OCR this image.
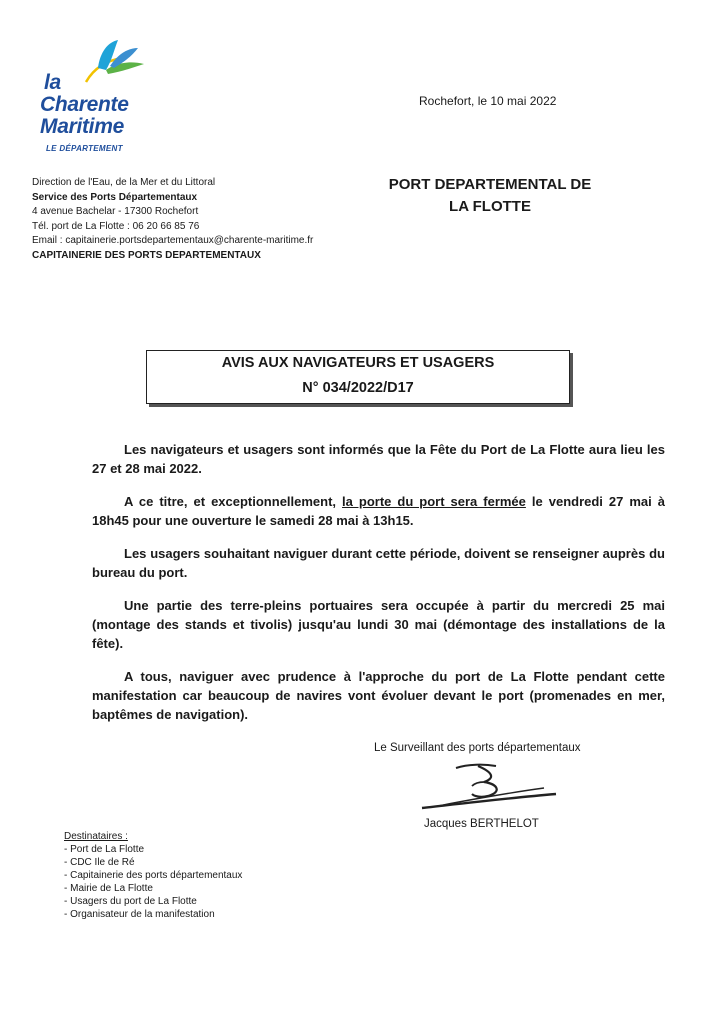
la
Charente
Maritime
LE DÉPARTEMENT
Rochefort, le 10 mai 2022
Direction de l'Eau, de la Mer et du Littoral
Service des Ports Départementaux
4 avenue Bachelar - 17300 Rochefort
Tél. port de La Flotte : 06 20 66 85 76
Email : capitainerie.portsdepartementaux@charente-maritime.fr
CAPITAINERIE DES PORTS DEPARTEMENTAUX
PORT DEPARTEMENTAL DE
LA FLOTTE
AVIS AUX NAVIGATEURS ET USAGERS
N° 034/2022/D17

Les navigateurs et usagers sont informés que la Fête du Port de La Flotte aura lieu les 27 et 28 mai 2022.

A ce titre, et exceptionnellement, la porte du port sera fermée le vendredi 27 mai à 18h45 pour une ouverture le samedi 28 mai à 13h15.

Les usagers souhaitant naviguer durant cette période, doivent se renseigner auprès du bureau du port.

Une partie des terre-pleins portuaires sera occupée à partir du mercredi 25 mai (montage des stands et tivolis) jusqu'au lundi 30 mai (démontage des installations de la fête).

A tous, naviguer avec prudence à l'approche du port de La Flotte pendant cette manifestation car beaucoup de navires vont évoluer devant le port (promenades en mer, baptêmes de navigation).

Le Surveillant des ports départementaux
Jacques BERTHELOT
Destinataires :
- Port de La Flotte
- CDC Ile de Ré
- Capitainerie des ports départementaux
- Mairie de La Flotte
- Usagers du port de La Flotte
- Organisateur de la manifestation
